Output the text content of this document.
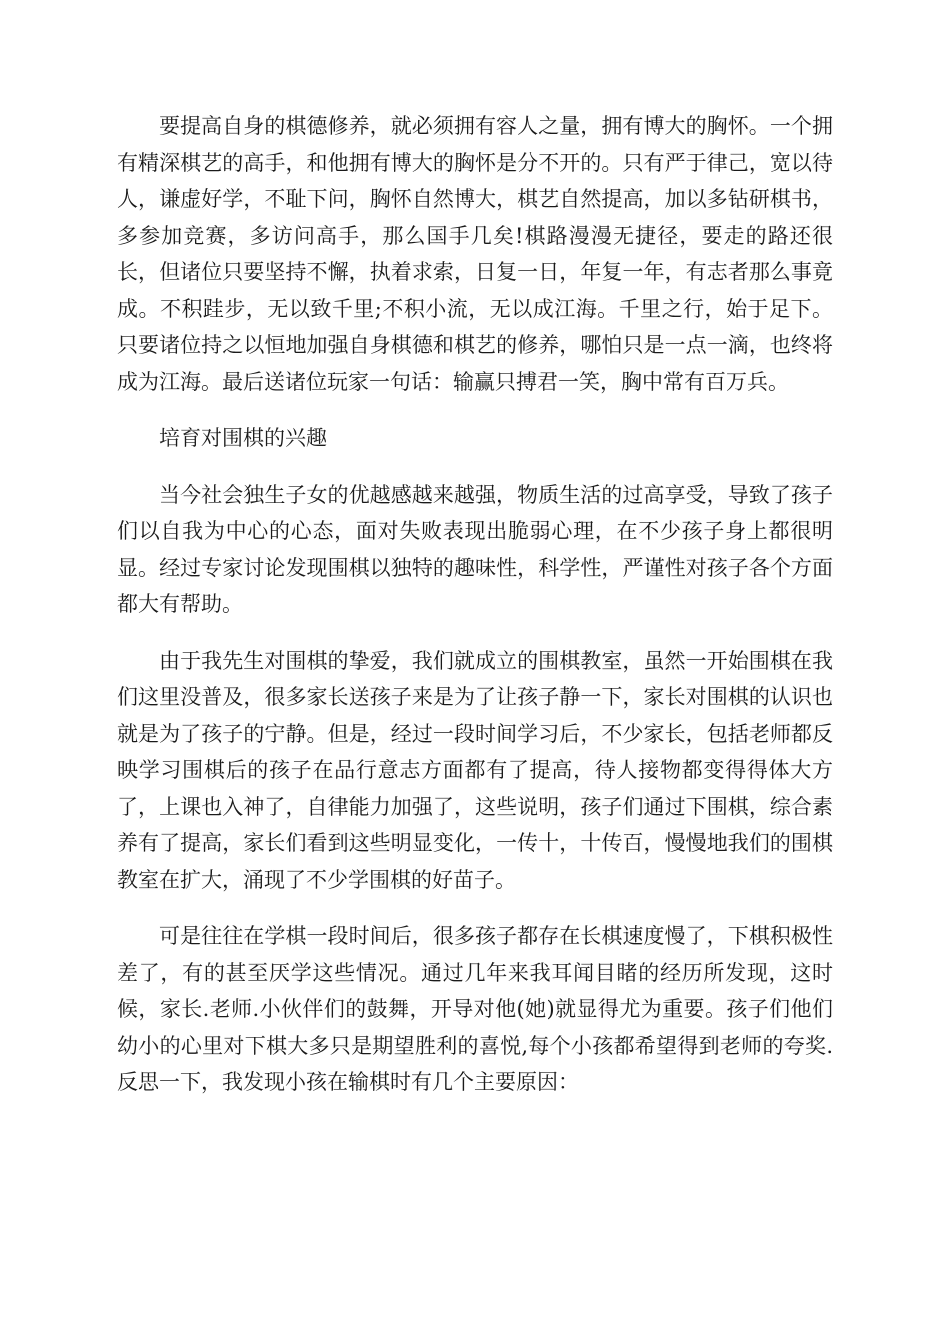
要提高自身的棋德修养，就必须拥有容人之量，拥有博大的胸怀。一个拥有精深棋艺的高手，和他拥有博大的胸怀是分不开的。只有严于律己，宽以待人，谦虚好学，不耻下问，胸怀自然博大，棋艺自然提高，加以多钻研棋书，多参加竞赛，多访问高手，那么国手几矣!棋路漫漫无捷径，要走的路还很长，但诸位只要坚持不懈，执着求索，日复一日，年复一年，有志者那么事竟成。不积跬步，无以致千里;不积小流，无以成江海。千里之行，始于足下。只要诸位持之以恒地加强自身棋德和棋艺的修养，哪怕只是一点一滴，也终将成为江海。最后送诸位玩家一句话：输赢只搏君一笑，胸中常有百万兵。

培育对围棋的兴趣

当今社会独生子女的优越感越来越强，物质生活的过高享受，导致了孩子们以自我为中心的心态，面对失败表现出脆弱心理，在不少孩子身上都很明显。经过专家讨论发现围棋以独特的趣味性，科学性，严谨性对孩子各个方面都大有帮助。

由于我先生对围棋的挚爱，我们就成立的围棋教室，虽然一开始围棋在我们这里没普及，很多家长送孩子来是为了让孩子静一下，家长对围棋的认识也就是为了孩子的宁静。但是，经过一段时间学习后，不少家长，包括老师都反映学习围棋后的孩子在品行意志方面都有了提高，待人接物都变得得体大方了，上课也入神了，自律能力加强了，这些说明，孩子们通过下围棋，综合素养有了提高，家长们看到这些明显变化，一传十，十传百，慢慢地我们的围棋教室在扩大，涌现了不少学围棋的好苗子。

可是往往在学棋一段时间后，很多孩子都存在长棋速度慢了，下棋积极性差了，有的甚至厌学这些情况。通过几年来我耳闻目睹的经历所发现，这时候，家长.老师.小伙伴们的鼓舞，开导对他(她)就显得尤为重要。孩子们他们幼小的心里对下棋大多只是期望胜利的喜悦,每个小孩都希望得到老师的夸奖.反思一下，我发现小孩在输棋时有几个主要原因：
